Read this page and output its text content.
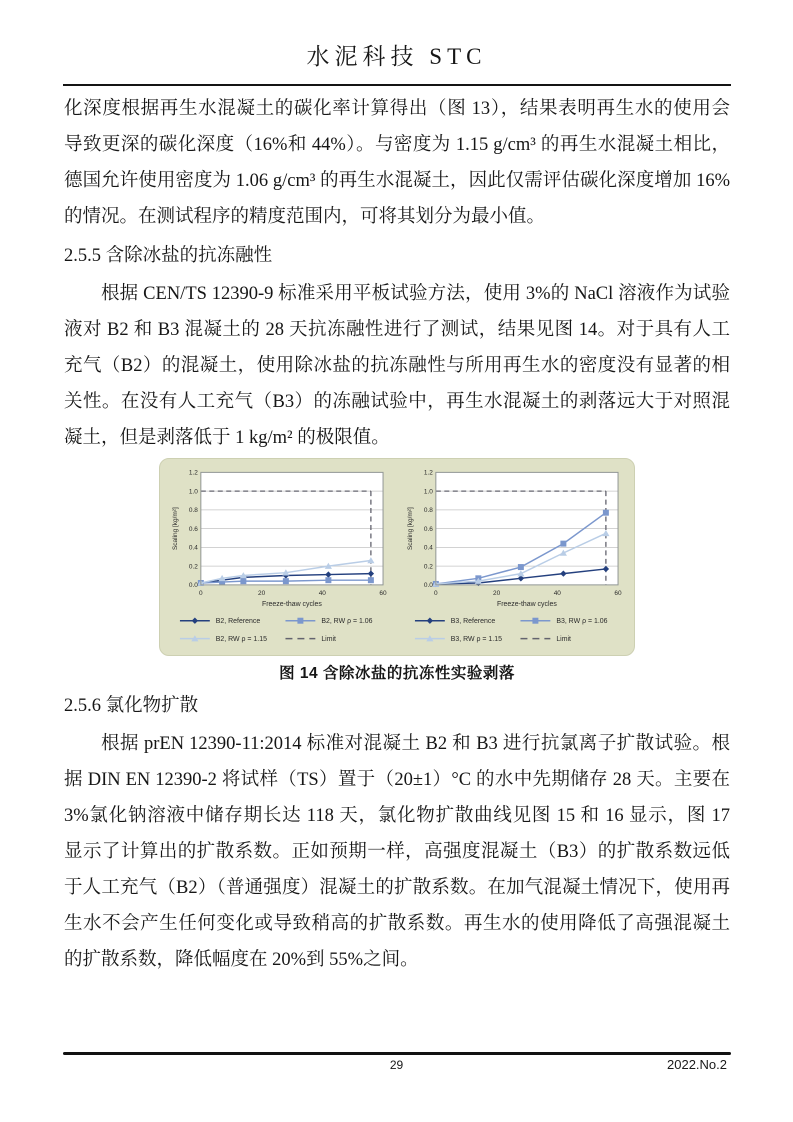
水泥科技 STC
化深度根据再生水混凝土的碳化率计算得出（图 13），结果表明再生水的使用会
导致更深的碳化深度（16%和 44%）。与密度为 1.15 g/cm³ 的再生水混凝土相比，
德国允许使用密度为 1.06 g/cm³ 的再生水混凝土，因此仅需评估碳化深度增加 16%
的情况。在测试程序的精度范围内，可将其划分为最小值。
2.5.5 含除冰盐的抗冻融性
根据 CEN/TS 12390-9 标准采用平板试验方法，使用 3%的 NaCl 溶液作为试验
液对 B2 和 B3 混凝土的 28 天抗冻融性进行了测试，结果见图 14。对于具有人工
充气（B2）的混凝土，使用除冰盐的抗冻融性与所用再生水的密度没有显著的相
关性。在没有人工充气（B3）的冻融试验中，再生水混凝土的剥落远大于对照混
凝土，但是剥落低于 1 kg/m² 的极限值。
0.0
0.2
0.4
0.6
0.8
1.0
1.2
0	20	40	60
Freeze-thaw cycles
Scaling [kg/m²]
B2, Reference	B2, RW ρ = 1.06
B2, RW ρ = 1.15	Limit
0.0
0.2
0.4
0.6
0.8
1.0
1.2
0	20	40	60
Freeze-thaw cycles
Scaling [kg/m²]
B3, Reference	B3, RW ρ = 1.06
B3, RW ρ = 1.15	Limit
图 14 含除冰盐的抗冻性实验剥落
2.5.6 氯化物扩散
根据 prEN 12390-11:2014 标准对混凝土 B2 和 B3 进行抗氯离子扩散试验。根
据 DIN EN 12390-2 将试样（TS）置于（20±1）°C 的水中先期储存 28 天。主要在
3%氯化钠溶液中储存期长达 118 天，氯化物扩散曲线见图 15 和 16 显示，图 17
显示了计算出的扩散系数。正如预期一样，高强度混凝土（B3）的扩散系数远低
于人工充气（B2）（普通强度）混凝土的扩散系数。在加气混凝土情况下，使用再
生水不会产生任何变化或导致稍高的扩散系数。再生水的使用降低了高强混凝土
的扩散系数，降低幅度在 20%到 55%之间。
29	2022.No.2
